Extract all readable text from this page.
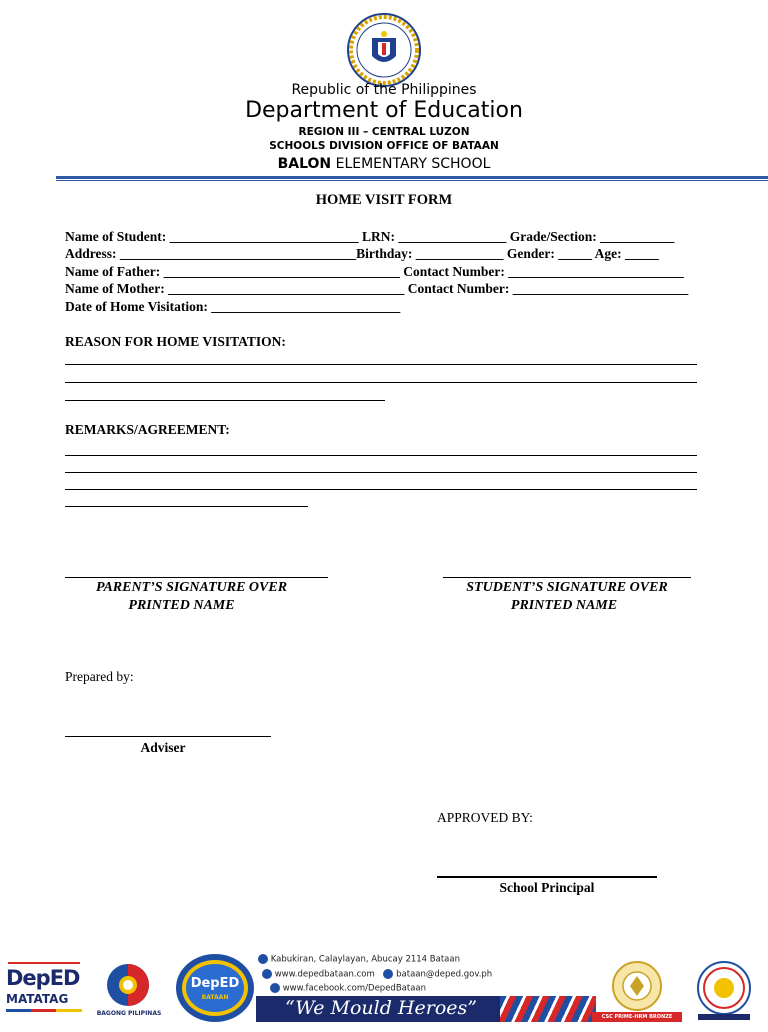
Republic of the Philippines
Department of Education
REGION III – CENTRAL LUZON
SCHOOLS DIVISION OFFICE OF BATAAN
BALON ELEMENTARY SCHOOL
HOME VISIT FORM
Name of Student: ____________________________ LRN: ________________ Grade/Section: ___________
Address: ___________________________________Birthday: _____________ Gender: _____ Age: _____
Name of Father: ___________________________________ Contact Number: __________________________
Name of Mother: ___________________________________ Contact Number: __________________________
Date of Home Visitation: ____________________________
REASON FOR HOME VISITATION:
REMARKS/AGREEMENT:
PARENT’S SIGNATURE OVER
PRINTED NAME
STUDENT’S SIGNATURE OVER
PRINTED NAME
Prepared by:
Adviser
APPROVED BY:
School Principal
DepED
MATATAG
BAGONG PILIPINAS
DepED
BATAAN
Kabukiran, Calaylayan, Abucay 2114 Bataan
www.depedbataan.com	bataan@deped.gov.ph
www.facebook.com/DepedBataan
“We Mould Heroes”	CSC PRIME-HRM BRONZE AWARD
